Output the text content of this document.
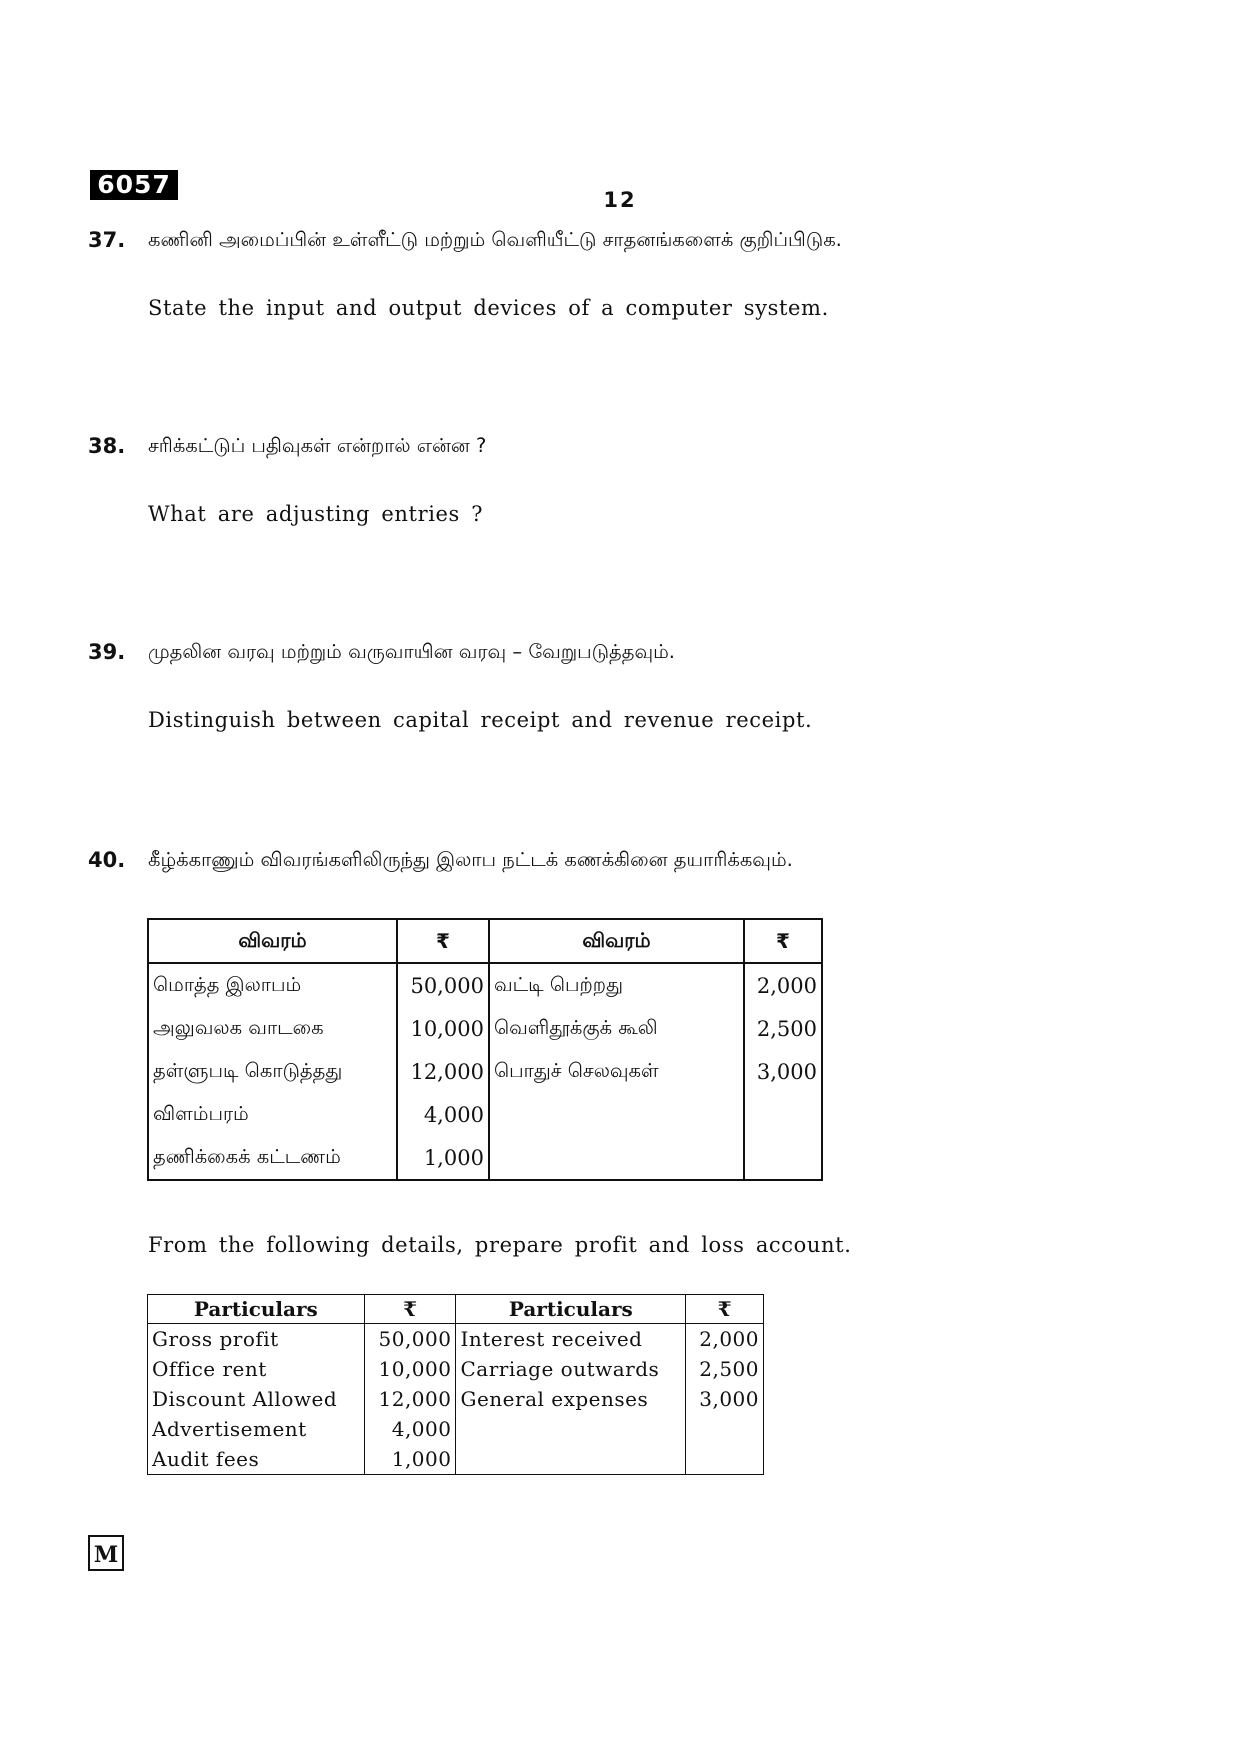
6057
12
37. கணினி அமைப்பின் உள்ளீட்டு மற்றும் வெளியீட்டு சாதனங்களைக் குறிப்பிடுக.
State the input and output devices of a computer system.
38. சரிக்கட்டுப் பதிவுகள் என்றால் என்ன ?
What are adjusting entries ?
39. முதலின வரவு மற்றும் வருவாயின வரவு – வேறுபடுத்தவும்.
Distinguish between capital receipt and revenue receipt.
40. கீழ்க்காணும் விவரங்களிலிருந்து இலாப நட்டக் கணக்கினை தயாரிக்கவும்.
From the following details, prepare profit and loss account.
விவரம்	₹	விவரம்	₹
மொத்த இலாபம்	50,000	வட்டி பெற்றது	2,000
அலுவலக வாடகை	10,000	வெளிதூக்குக் கூலி	2,500
தள்ளுபடி கொடுத்தது	12,000	பொதுச் செலவுகள்	3,000
விளம்பரம்	4,000		
தணிக்கைக் கட்டணம்	1,000		
Particulars	₹	Particulars	₹
Gross profit	50,000	Interest received	2,000
Office rent	10,000	Carriage outwards	2,500
Discount Allowed	12,000	General expenses	3,000
Advertisement	4,000		
Audit fees	1,000		
M
